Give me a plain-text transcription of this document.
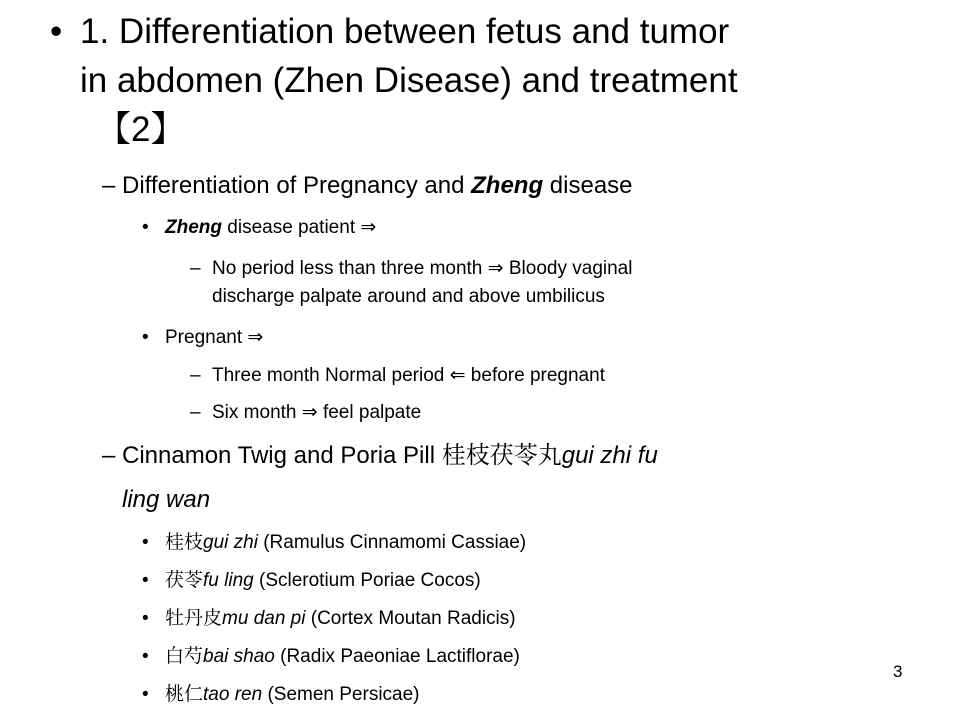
• 1. Differentiation between fetus and tumor
in abdomen (Zhen Disease) and treatment
【2】
– Differentiation of Pregnancy and Zheng disease
• Zheng disease patient ⇒
– No period less than three month ⇒ Bloody vaginal
discharge palpate around and above umbilicus
• Pregnant ⇒
– Three month Normal period ⇐ before pregnant
– Six month ⇒ feel palpate
– Cinnamon Twig and Poria Pill 桂枝茯苓丸gui zhi fu
ling wan
• 桂枝gui zhi (Ramulus Cinnamomi Cassiae)
• 茯苓fu ling (Sclerotium Poriae Cocos)
• 牡丹皮mu dan pi (Cortex Moutan Radicis)
• 白芍bai shao (Radix Paeoniae Lactiflorae)
• 桃仁tao ren (Semen Persicae)
3
